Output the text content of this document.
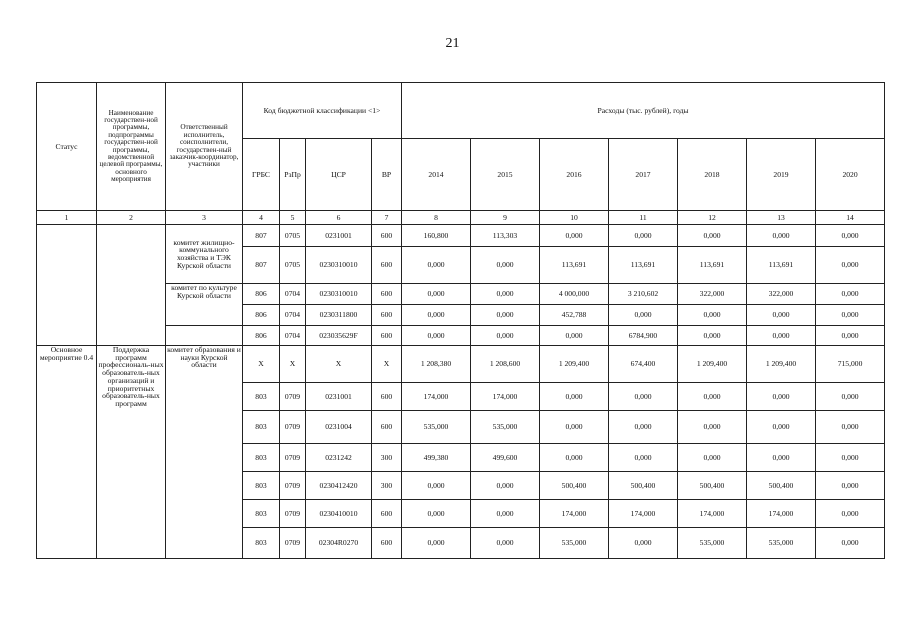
21
Статус	Наименование государствен-ной программы, подпрограммы государствен-ной программы, ведомственной целевой программы, основного мероприятия	Ответственный исполнитель, соисполнители, государствен-ный заказчик-координатор, участники	Код бюджетной классификации <1>				Расходы (тыс. рублей), годы						
			ГРБС	РзПр	ЦСР	ВР	2014	2015	2016	2017	2018	2019	2020
1	2	3	4	5	6	7	8	9	10	11	12	13	14
		комитет жилищно-коммунального хозяйства и ТЭК Курской области	807	0705	0231001	600	160,800	113,303	0,000	0,000	0,000	0,000	0,000
			807	0705	0230310010	600	0,000	0,000	113,691	113,691	113,691	113,691	0,000
		комитет по культуре Курской области	806	0704	0230310010	600	0,000	0,000	4 000,000	3 210,602	322,000	322,000	0,000
			806	0704	0230311800	600	0,000	0,000	452,788	0,000	0,000	0,000	0,000
			806	0704	023035629F	600	0,000	0,000	0,000	6784,900	0,000	0,000	0,000
Основное мероприятие 0.4	Поддержка программ профессиональ-ных образователь-ных организаций и приоритетных образователь-ных программ	комитет образования и науки Курской области	Х	Х	Х	Х	1 208,380	1 208,600	1 209,400	674,400	1 209,400	1 209,400	715,000
			803	0709	0231001	600	174,000	174,000	0,000	0,000	0,000	0,000	0,000
			803	0709	0231004	600	535,000	535,000	0,000	0,000	0,000	0,000	0,000
			803	0709	0231242	300	499,380	499,600	0,000	0,000	0,000	0,000	0,000
			803	0709	0230412420	300	0,000	0,000	500,400	500,400	500,400	500,400	0,000
			803	0709	0230410010	600	0,000	0,000	174,000	174,000	174,000	174,000	0,000
			803	0709	02304R0270	600	0,000	0,000	535,000	0,000	535,000	535,000	0,000
